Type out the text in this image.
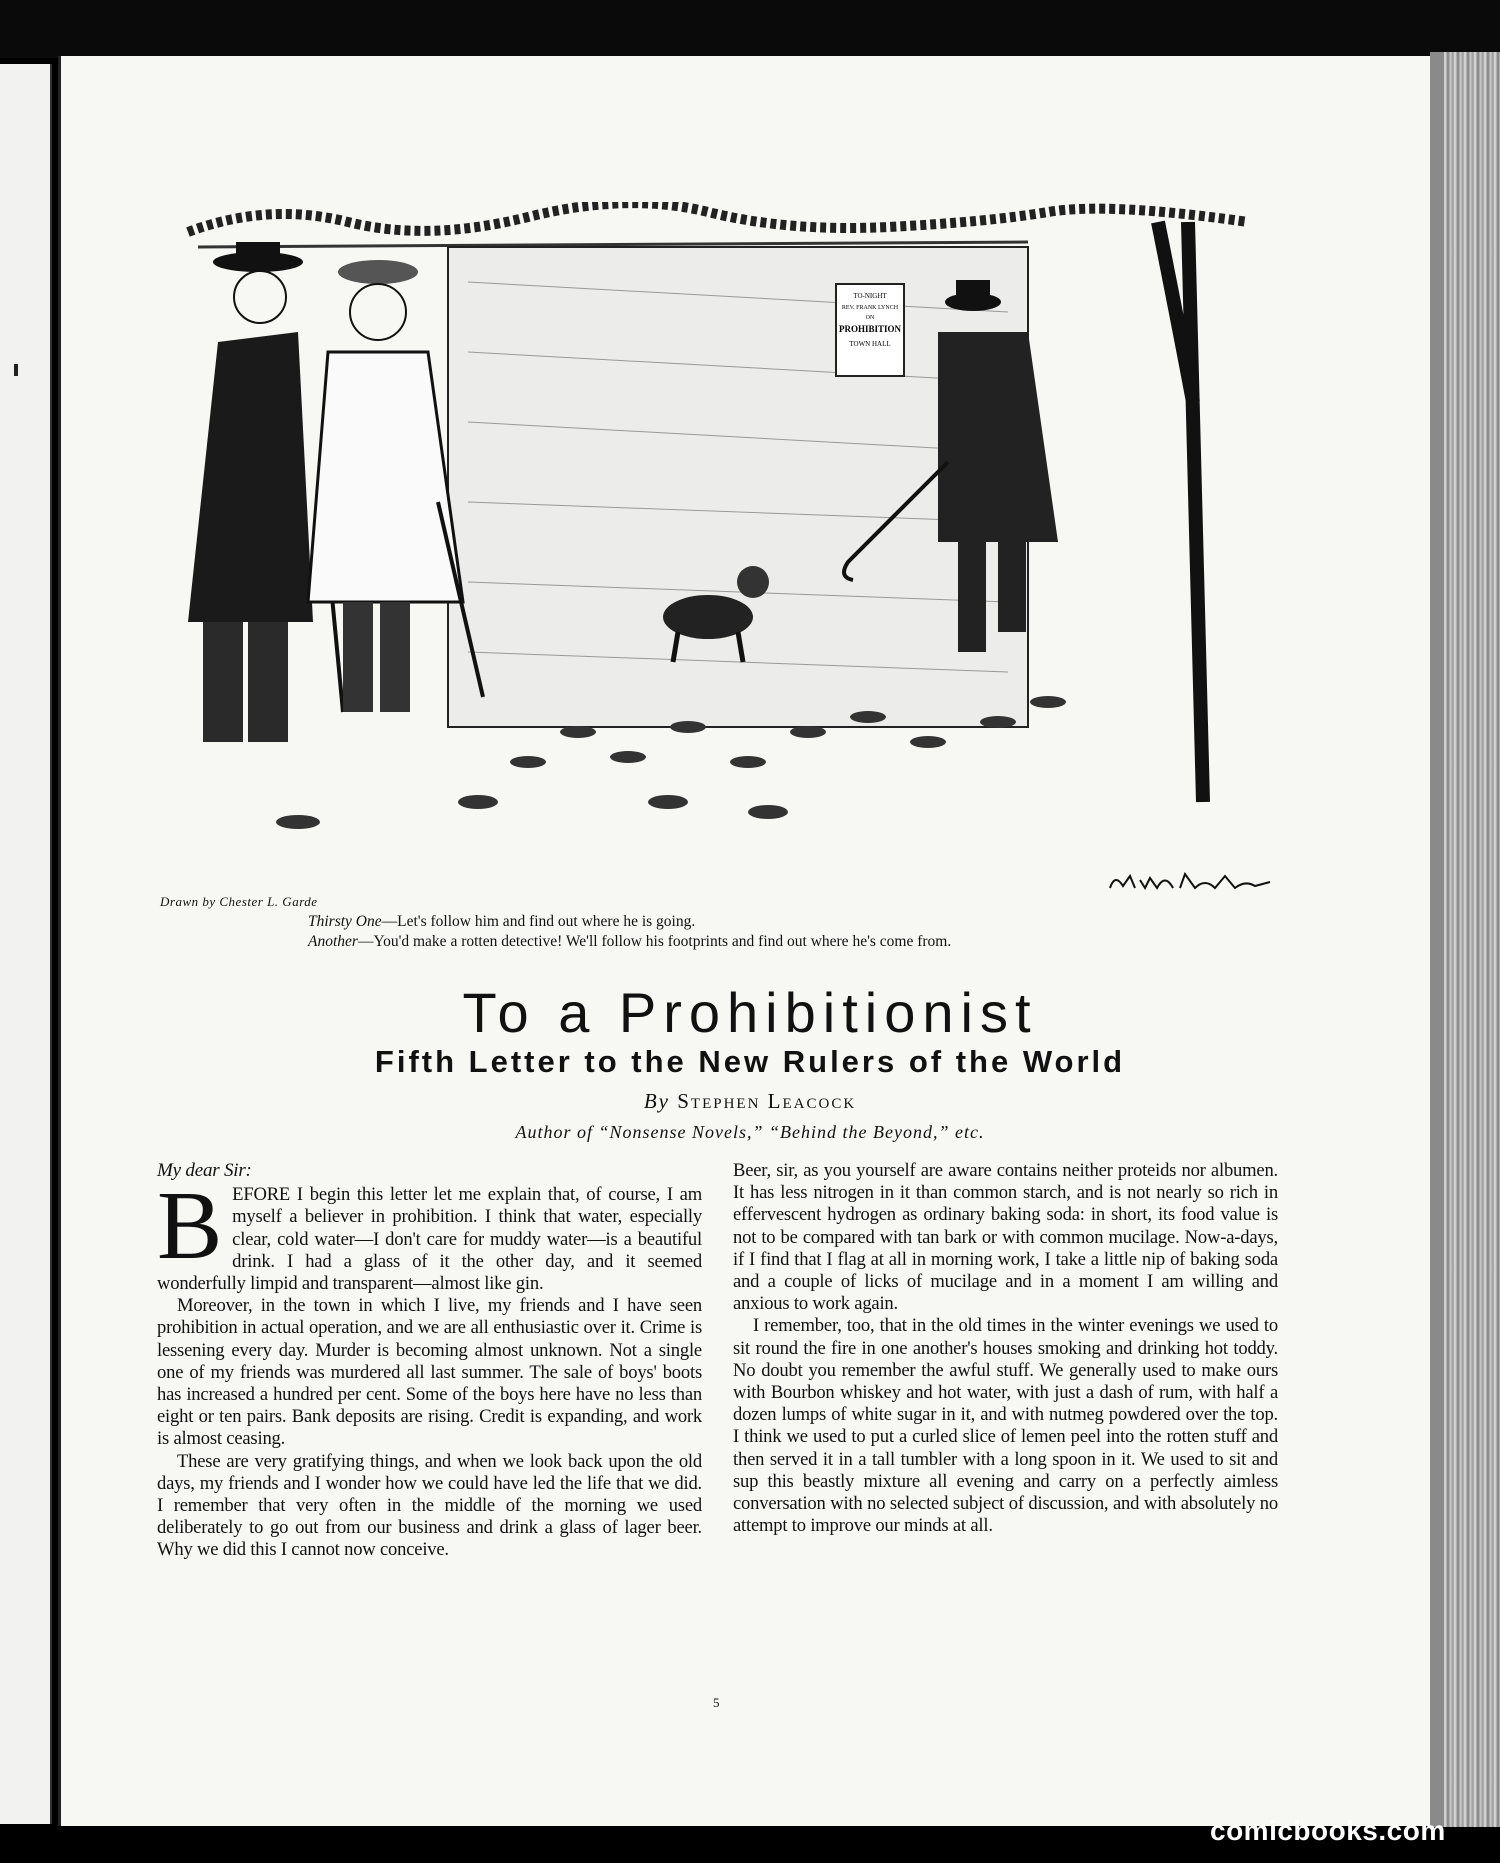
TO-NIGHT
REV. FRANK LYNCH
ON
PROHIBITION
TOWN HALL
Drawn by Chester L. Garde
Thirsty One—Let's follow him and find out where he is going.
Another—You'd make a rotten detective! We'll follow his footprints and find out where he's come from.
To a Prohibitionist
Fifth Letter to the New Rulers of the World
By Stephen Leacock
Author of “Nonsense Novels,” “Behind the Beyond,” etc.
My dear Sir:

BEFORE I begin this letter let me explain that, of course, I am myself a believer in prohibition. I think that water, especially clear, cold water—I don't care for muddy water—is a beautiful drink. I had a glass of it the other day, and it seemed wonderfully limpid and transparent—almost like gin.

Moreover, in the town in which I live, my friends and I have seen prohibition in actual operation, and we are all enthusiastic over it. Crime is lessening every day. Murder is becoming almost unknown. Not a single one of my friends was murdered all last summer. The sale of boys' boots has increased a hundred per cent. Some of the boys here have no less than eight or ten pairs. Bank deposits are rising. Credit is expanding, and work is almost ceasing.

These are very gratifying things, and when we look back upon the old days, my friends and I wonder how we could have led the life that we did. I remember that very often in the middle of the morning we used deliberately to go out from our business and drink a glass of lager beer. Why we did this I cannot now conceive.

Beer, sir, as you yourself are aware contains neither proteids nor albumen. It has less nitrogen in it than common starch, and is not nearly so rich in effervescent hydrogen as ordinary baking soda: in short, its food value is not to be compared with tan bark or with common mucilage. Now-a-days, if I find that I flag at all in morning work, I take a little nip of baking soda and a couple of licks of mucilage and in a moment I am willing and anxious to work again.

I remember, too, that in the old times in the winter evenings we used to sit round the fire in one another's houses smoking and drinking hot toddy. No doubt you remember the awful stuff. We generally used to make ours with Bourbon whiskey and hot water, with just a dash of rum, with half a dozen lumps of white sugar in it, and with nutmeg powdered over the top. I think we used to put a curled slice of lemen peel into the rotten stuff and then served it in a tall tumbler with a long spoon in it. We used to sit and sup this beastly mixture all evening and carry on a perfectly aimless conversation with no selected subject of discussion, and with absolutely no attempt to improve our minds at all.

5
comicbooks.com
